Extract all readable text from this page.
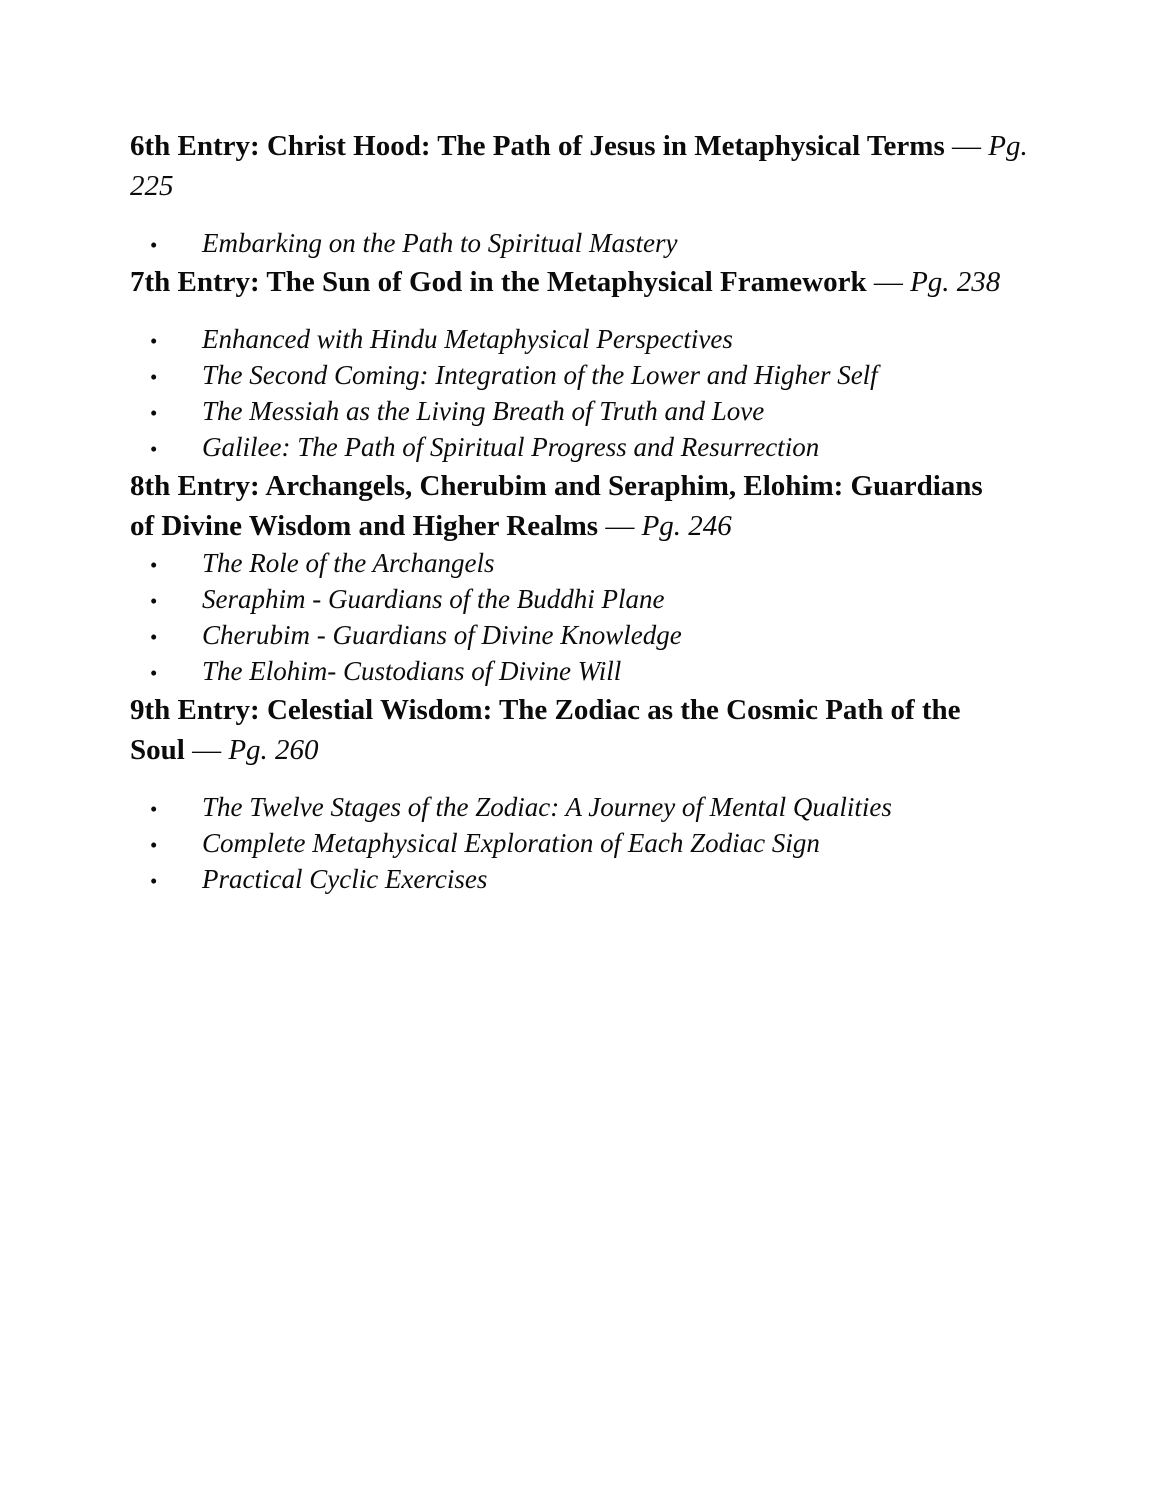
6th Entry: Christ Hood: The Path of Jesus in Metaphysical Terms — Pg.
225
•	Embarking on the Path to Spiritual Mastery
7th Entry: The Sun of God in the Metaphysical Framework — Pg. 238
•	Enhanced with Hindu Metaphysical Perspectives
•	The Second Coming: Integration of the Lower and Higher Self
•	The Messiah as the Living Breath of Truth and Love
•	Galilee: The Path of Spiritual Progress and Resurrection
8th Entry: Archangels, Cherubim and Seraphim, Elohim: Guardians
of Divine Wisdom and Higher Realms — Pg. 246
•	The Role of the Archangels
•	Seraphim - Guardians of the Buddhi Plane
•	Cherubim - Guardians of Divine Knowledge
•	The Elohim- Custodians of Divine Will
9th Entry: Celestial Wisdom: The Zodiac as the Cosmic Path of the
Soul — Pg. 260
•	The Twelve Stages of the Zodiac: A Journey of Mental Qualities
•	Complete Metaphysical Exploration of Each Zodiac Sign
•	Practical Cyclic Exercises
